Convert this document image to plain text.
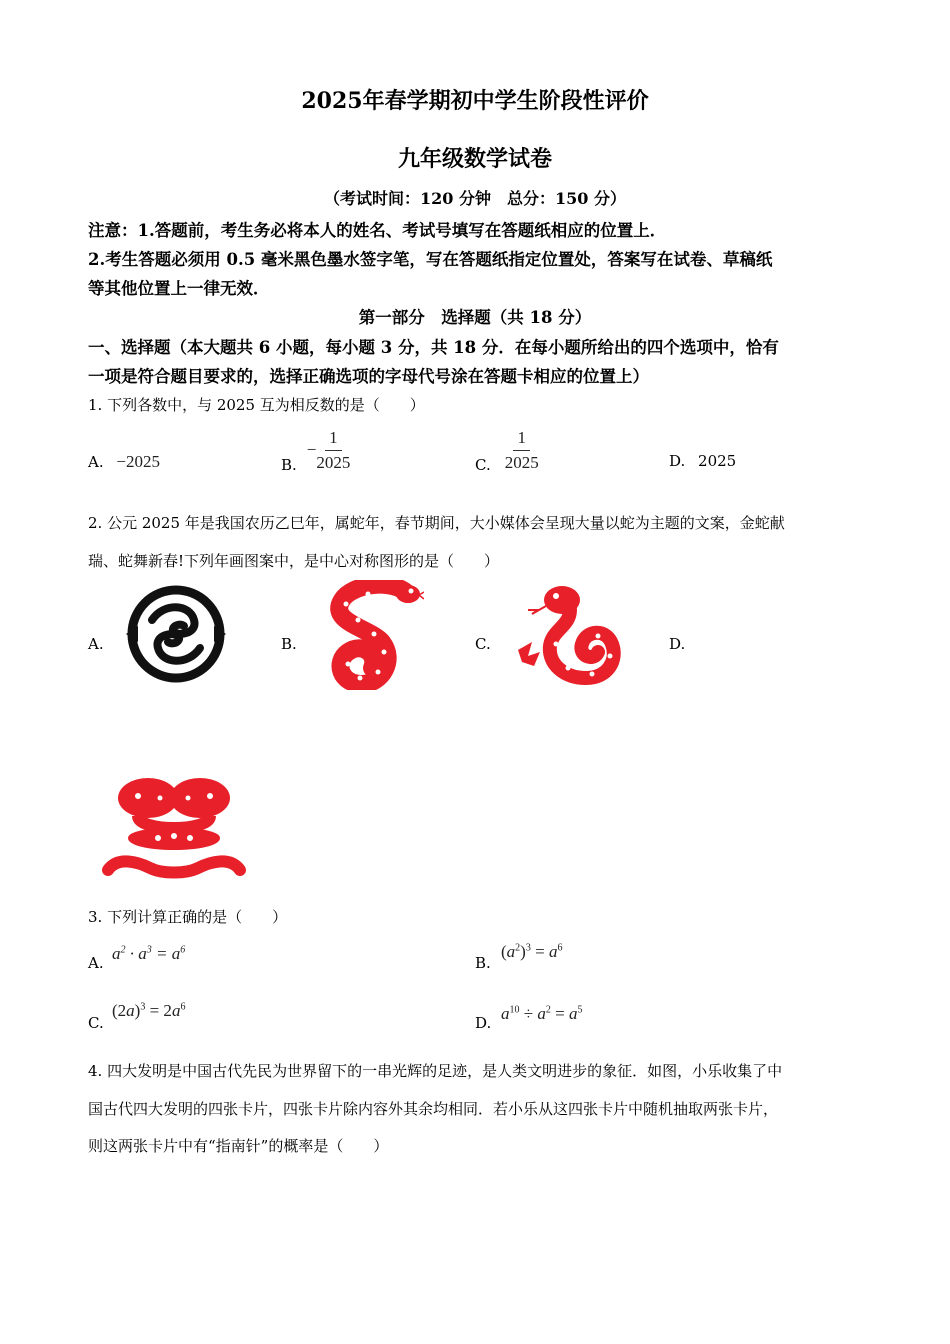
2025年春学期初中学生阶段性评价
九年级数学试卷
（考试时间：120 分钟　总分：150 分）
注意：1.答题前，考生务必将本人的姓名、考试号填写在答题纸相应的位置上．
2.考生答题必须用 0.5 毫米黑色墨水签字笔，写在答题纸指定位置处，答案写在试卷、草稿纸
等其他位置上一律无效．
第一部分　选择题（共 18 分）
一、选择题（本大题共 6 小题，每小题 3 分，共 18 分．在每小题所给出的四个选项中，恰有
一项是符合题目要求的，选择正确选项的字母代号涂在答题卡相应的位置上）
1. 下列各数中，与 2025 互为相反数的是（　　）
A. −2025	B.
− $\frac{1}{2025}$	C. $\frac{1}{2025}$	D. 2025
2. 公元 2025 年是我国农历乙巳年，属蛇年，春节期间，大小媒体会呈现大量以蛇为主题的文案，金蛇献
瑞、蛇舞新春!下列年画图案中，是中心对称图形的是（　　）
A.	B.	C.	D.
3. 下列计算正确的是（　　）
A. $a^2 \cdot a^3 = a^6$
B.
$(a^2)^3 = a^6$
C.
$(2a)^3 = 2a^6$
D. $a^{10} \div a^2 = a^5$
4. 四大发明是中国古代先民为世界留下的一串光辉的足迹，是人类文明进步的象征．如图，小乐收集了中
国古代四大发明的四张卡片，四张卡片除内容外其余均相同．若小乐从这四张卡片中随机抽取两张卡片，
则这两张卡片中有“指南针”的概率是（　　）
